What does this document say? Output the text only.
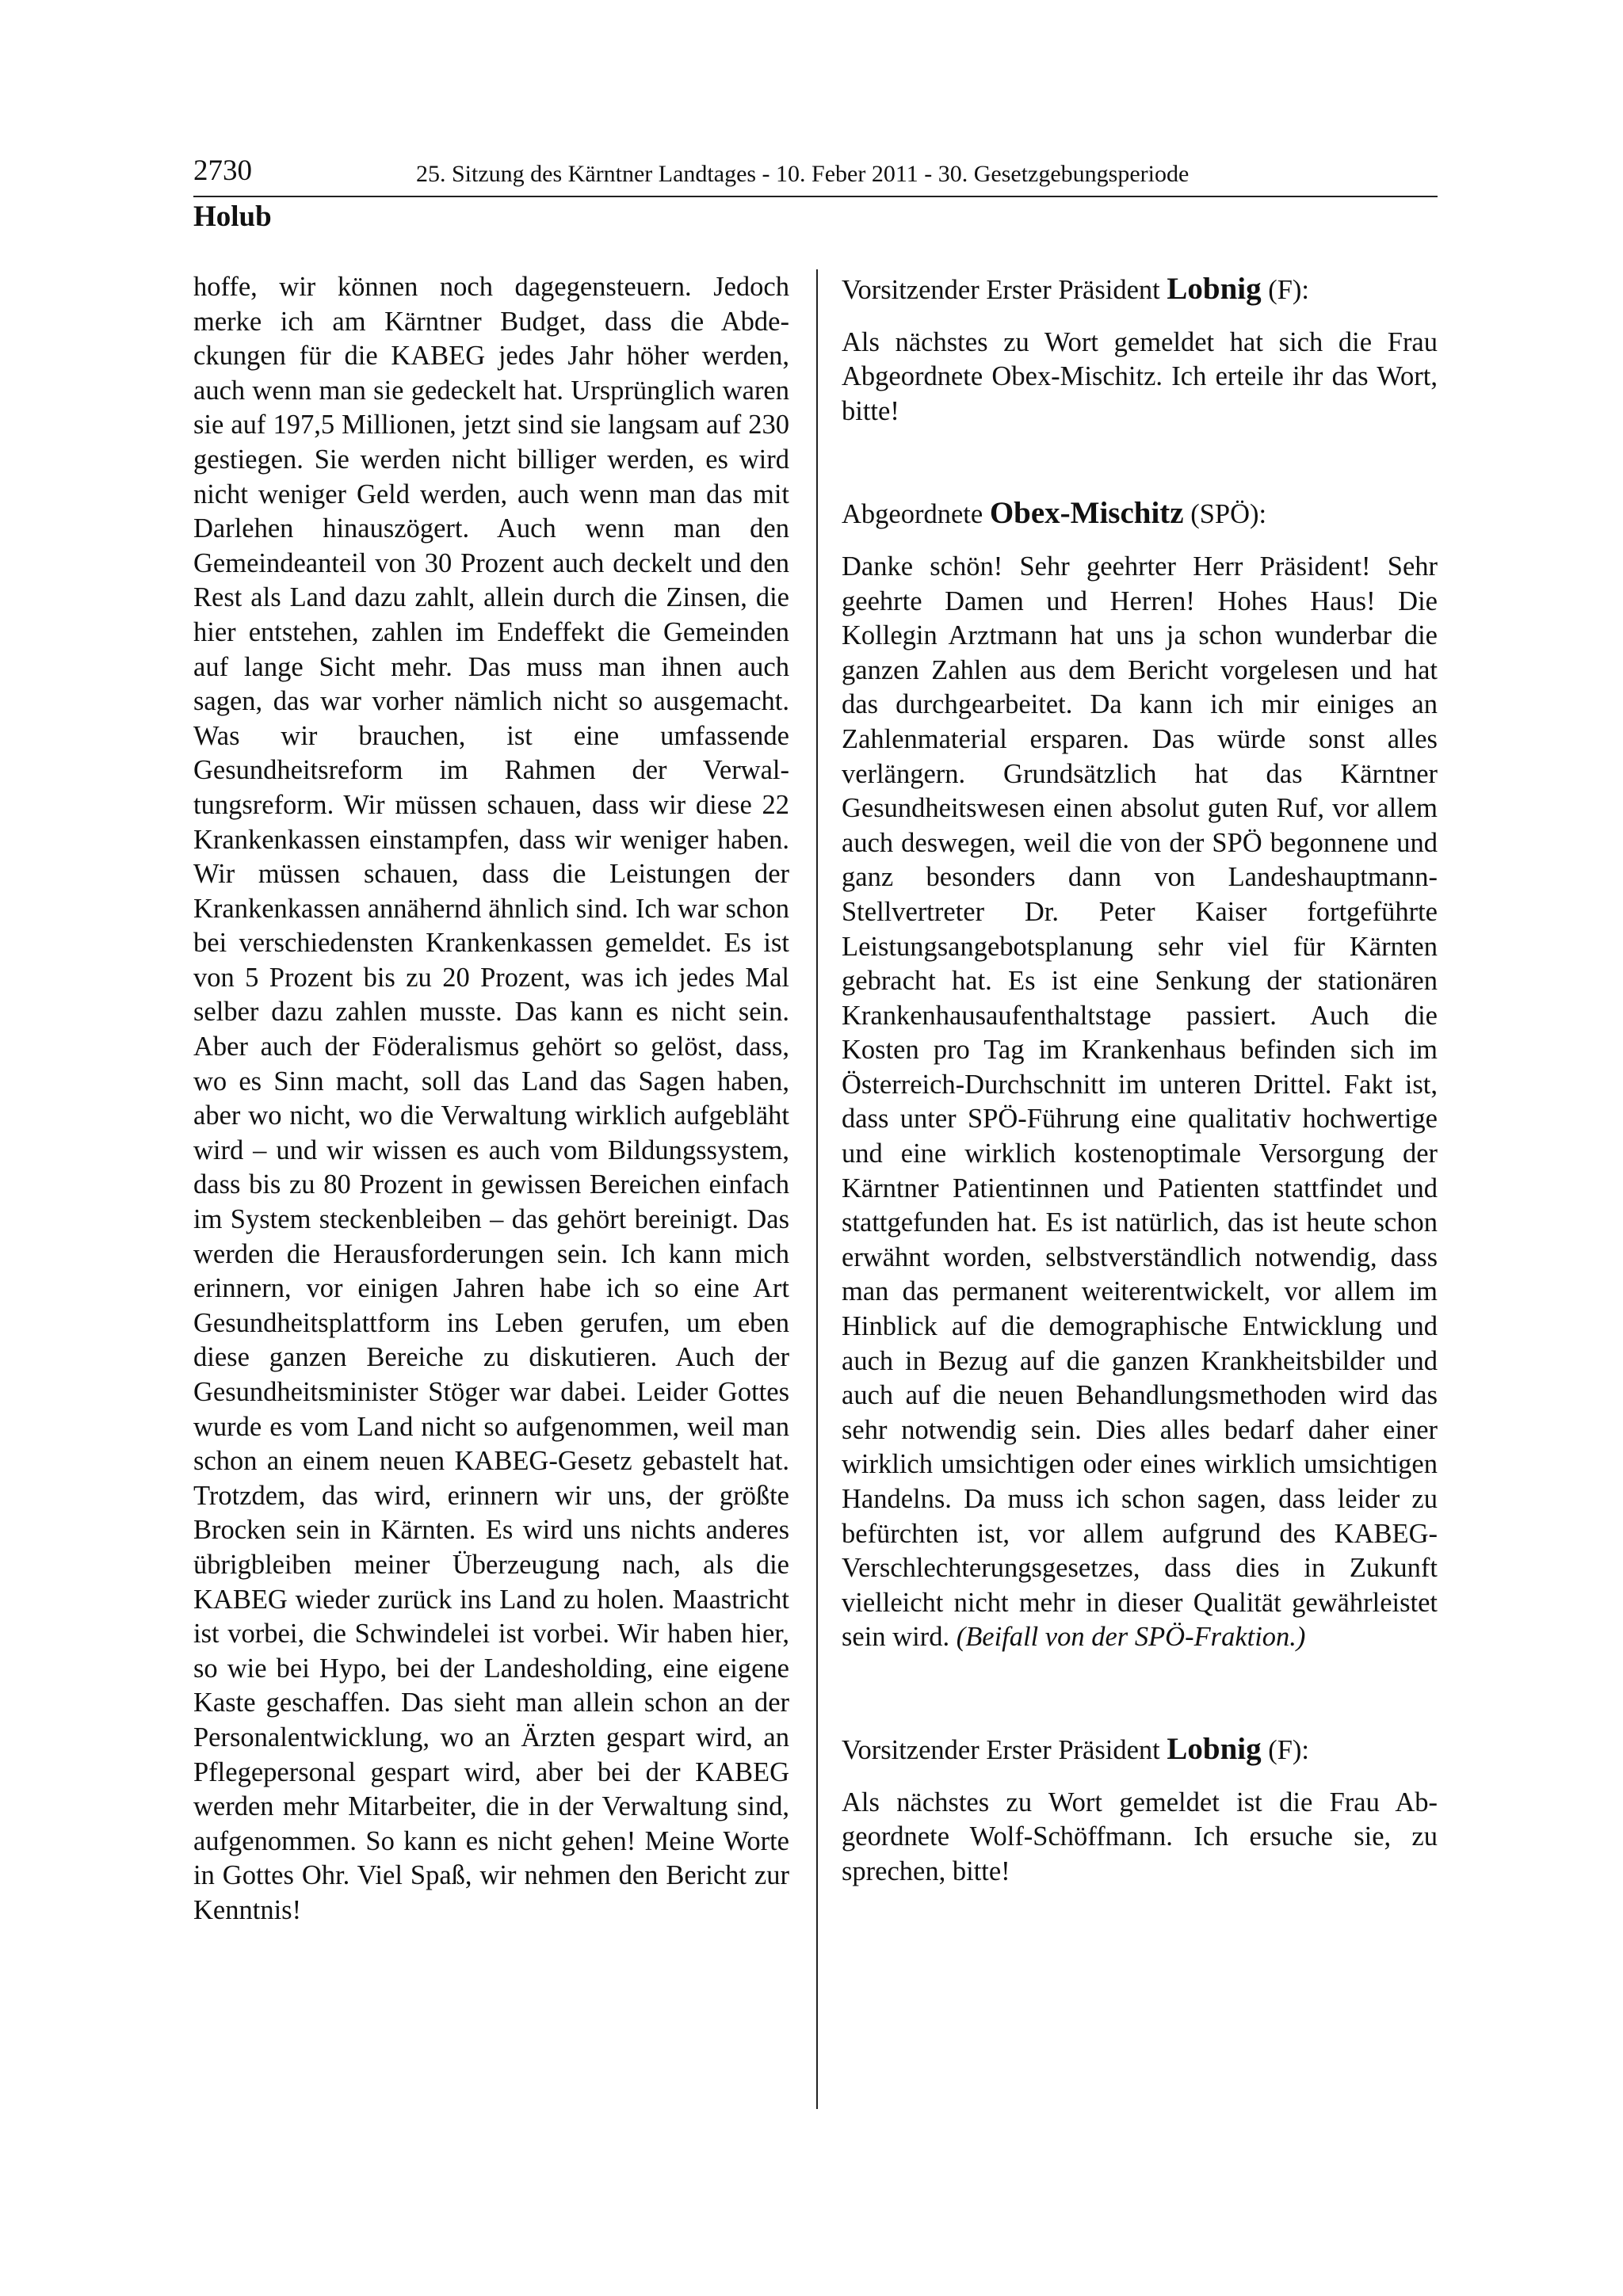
2730	25. Sitzung des Kärntner Landtages - 10. Feber 2011 - 30. Gesetzgebungsperiode
Holub

hoffe, wir können noch dagegensteuern. Jedoch merke ich am Kärntner Budget, dass die Abdeckungen für die KABEG jedes Jahr höher werden, auch wenn man sie gedeckelt hat. Ursprünglich waren sie auf 197,5 Millionen, jetzt sind sie langsam auf 230 gestiegen. Sie werden nicht billiger werden, es wird nicht weniger Geld werden, auch wenn man das mit Darlehen hinauszögert. Auch wenn man den Gemeindeanteil von 30 Prozent auch deckelt und den Rest als Land dazu zahlt, allein durch die Zinsen, die hier entstehen, zahlen im Endeffekt die Gemeinden auf lange Sicht mehr. Das muss man ihnen auch sagen, das war vorher nämlich nicht so ausgemacht. Was wir brauchen, ist eine umfassende Gesundheitsreform im Rahmen der Verwaltungsreform. Wir müssen schauen, dass wir diese 22 Krankenkassen einstampfen, dass wir weniger haben. Wir müssen schauen, dass die Leistungen der Krankenkassen annähernd ähnlich sind. Ich war schon bei verschiedensten Krankenkassen gemeldet. Es ist von 5 Prozent bis zu 20 Prozent, was ich jedes Mal selber dazu zahlen musste. Das kann es nicht sein. Aber auch der Föderalismus gehört so gelöst, dass, wo es Sinn macht, soll das Land das Sagen haben, aber wo nicht, wo die Verwaltung wirklich aufgebläht wird – und wir wissen es auch vom Bildungssystem, dass bis zu 80 Prozent in gewissen Bereichen einfach im System steckenbleiben – das gehört bereinigt. Das werden die Herausforderungen sein. Ich kann mich erinnern, vor einigen Jahren habe ich so eine Art Gesundheitsplattform ins Leben gerufen, um eben diese ganzen Bereiche zu diskutieren. Auch der Gesundheitsminister Stöger war dabei. Leider Gottes wurde es vom Land nicht so aufgenommen, weil man schon an einem neuen KABEG-Gesetz gebastelt hat. Trotzdem, das wird, erinnern wir uns, der größte Brocken sein in Kärnten. Es wird uns nichts anderes übrigbleiben meiner Überzeugung nach, als die KABEG wieder zurück ins Land zu holen. Maastricht ist vorbei, die Schwindelei ist vorbei. Wir haben hier, so wie bei Hypo, bei der Landesholding, eine eigene Kaste geschaffen. Das sieht man allein schon an der Personalentwicklung, wo an Ärzten gespart wird, an Pflegepersonal gespart wird, aber bei der KABEG werden mehr Mitarbeiter, die in der Verwaltung sind, aufgenommen. So kann es nicht gehen! Meine Worte in Gottes Ohr. Viel Spaß, wir nehmen den Bericht zur Kenntnis!

Vorsitzender Erster Präsident Lobnig (F):

Als nächstes zu Wort gemeldet hat sich die Frau Abgeordnete Obex-Mischitz. Ich erteile ihr das Wort, bitte!

Abgeordnete Obex-Mischitz (SPÖ):

Danke schön! Sehr geehrter Herr Präsident! Sehr geehrte Damen und Herren! Hohes Haus! Die Kollegin Arztmann hat uns ja schon wunderbar die ganzen Zahlen aus dem Bericht vorgelesen und hat das durchgearbeitet. Da kann ich mir einiges an Zahlenmaterial ersparen. Das würde sonst alles verlängern. Grundsätzlich hat das Kärntner Gesundheitswesen einen absolut guten Ruf, vor allem auch deswegen, weil die von der SPÖ begonnene und ganz besonders dann von Landeshauptmann-Stellvertreter Dr. Peter Kaiser fortgeführte Leistungsangebotsplanung sehr viel für Kärnten gebracht hat. Es ist eine Senkung der stationären Krankenhausaufenthaltstage passiert. Auch die Kosten pro Tag im Krankenhaus befinden sich im Österreich-Durchschnitt im unteren Drittel. Fakt ist, dass unter SPÖ-Führung eine qualitativ hochwertige und eine wirklich kostenoptimale Versorgung der Kärntner Patientinnen und Patienten stattfindet und stattgefunden hat. Es ist natürlich, das ist heute schon erwähnt worden, selbstverständlich notwendig, dass man das permanent weiterentwickelt, vor allem im Hinblick auf die demographische Entwicklung und auch in Bezug auf die ganzen Krankheitsbilder und auch auf die neuen Behandlungsmethoden wird das sehr notwendig sein. Dies alles bedarf daher einer wirklich umsichtigen oder eines wirklich umsichtigen Handelns. Da muss ich schon sagen, dass leider zu befürchten ist, vor allem aufgrund des KABEG-Verschlechterungsgesetzes, dass dies in Zukunft vielleicht nicht mehr in dieser Qualität gewährleistet sein wird. (Beifall von der SPÖ-Fraktion.)

Vorsitzender Erster Präsident Lobnig (F):

Als nächstes zu Wort gemeldet ist die Frau Abgeordnete Wolf-Schöffmann. Ich ersuche sie, zu sprechen, bitte!
